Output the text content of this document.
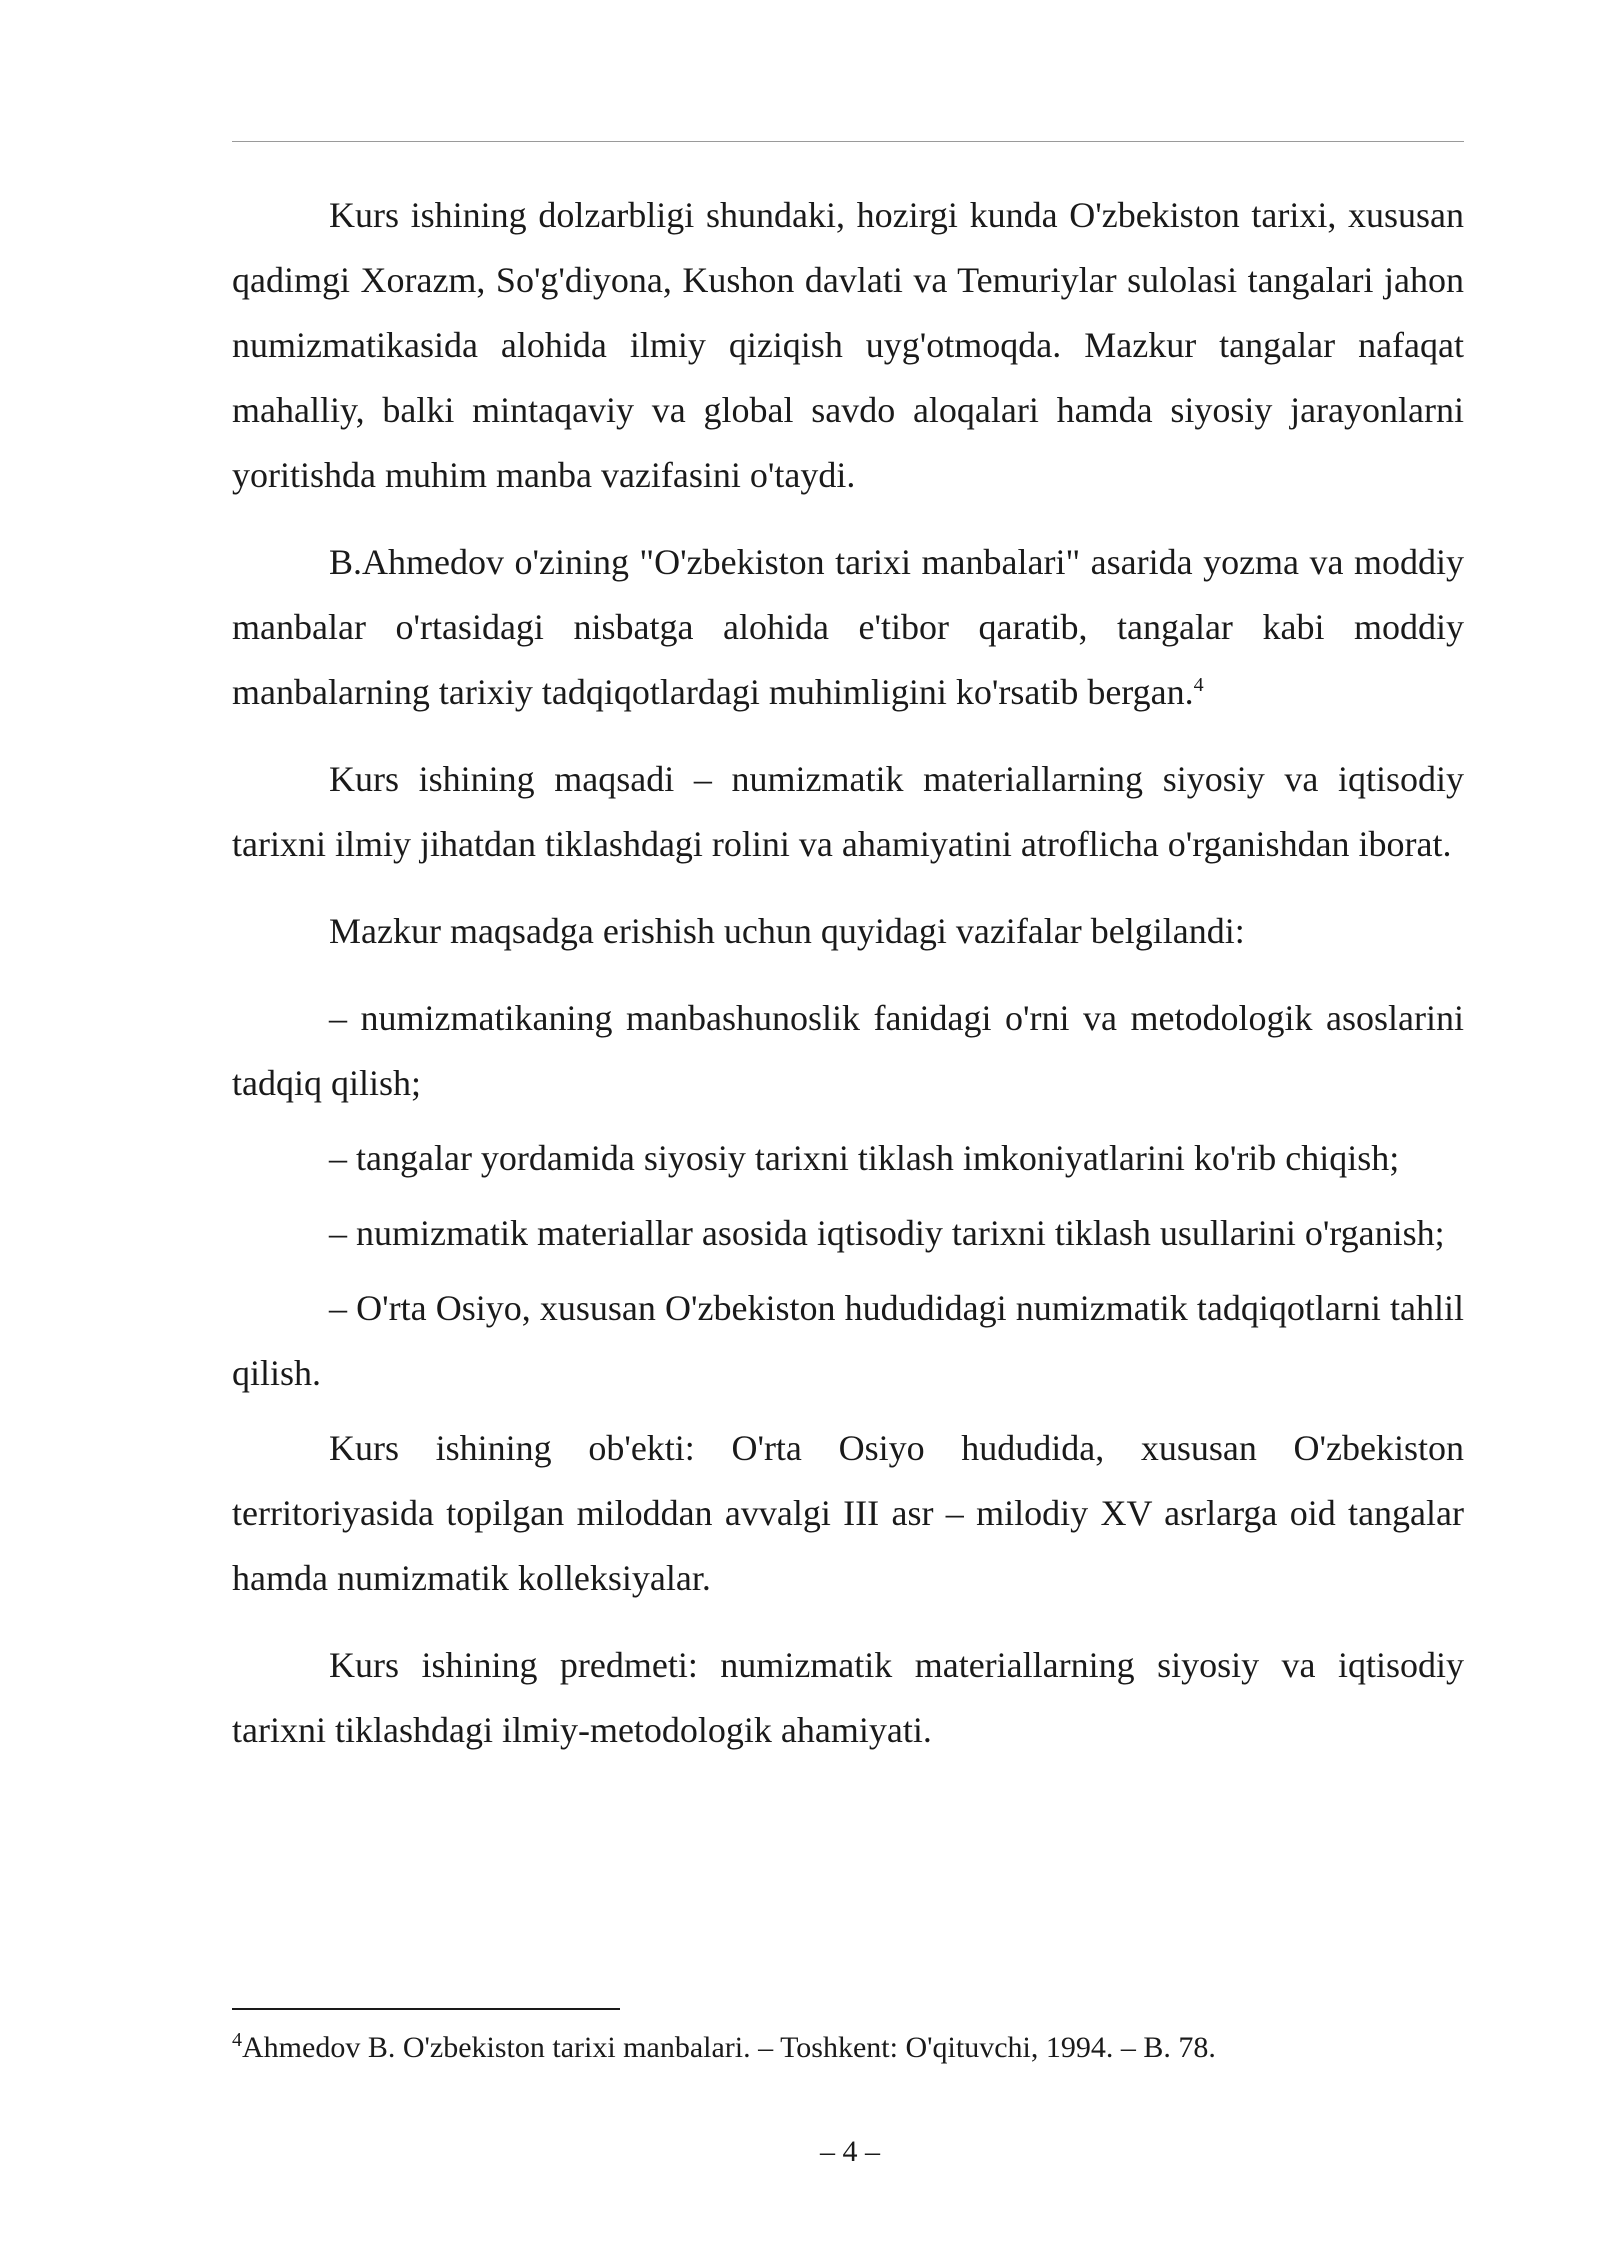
Kurs ishining dolzarbligi shundaki, hozirgi kunda O'zbekiston tarixi, xususan qadimgi Xorazm, So'g'diyona, Kushon davlati va Temuriylar sulolasi tangalari jahon numizmatikasida alohida ilmiy qiziqish uyg'otmoqda. Mazkur tangalar nafaqat mahalliy, balki mintaqaviy va global savdo aloqalari hamda siyosiy jarayonlarni yoritishda muhim manba vazifasini o'taydi.

B.Ahmedov o'zining "O'zbekiston tarixi manbalari" asarida yozma va moddiy manbalar o'rtasidagi nisbatga alohida e'tibor qaratib, tangalar kabi moddiy manbalarning tarixiy tadqiqotlardagi muhimligini ko'rsatib bergan.$^4$

Kurs ishining maqsadi – numizmatik materiallarning siyosiy va iqtisodiy tarixni ilmiy jihatdan tiklashdagi rolini va ahamiyatini atroflicha o'rganishdan iborat.

Mazkur maqsadga erishish uchun quyidagi vazifalar belgilandi:

– numizmatikaning manbashunoslik fanidagi o'rni va metodologik asoslarini tadqiq qilish;

– tangalar yordamida siyosiy tarixni tiklash imkoniyatlarini ko'rib chiqish;

– numizmatik materiallar asosida iqtisodiy tarixni tiklash usullarini o'rganish;

– O'rta Osiyo, xususan O'zbekiston hududidagi numizmatik tadqiqotlarni tahlil qilish.

Kurs ishining ob'ekti: O'rta Osiyo hududida, xususan O'zbekiston territoriyasida topilgan miloddan avvalgi III asr – milodiy XV asrlarga oid tangalar hamda numizmatik kolleksiyalar.

Kurs ishining predmeti: numizmatik materiallarning siyosiy va iqtisodiy tarixni tiklashdagi ilmiy-metodologik ahamiyati.

$^4$Ahmedov B. O'zbekiston tarixi manbalari. – Toshkent: O'qituvchi, 1994. – B. 78.
– 4 –
